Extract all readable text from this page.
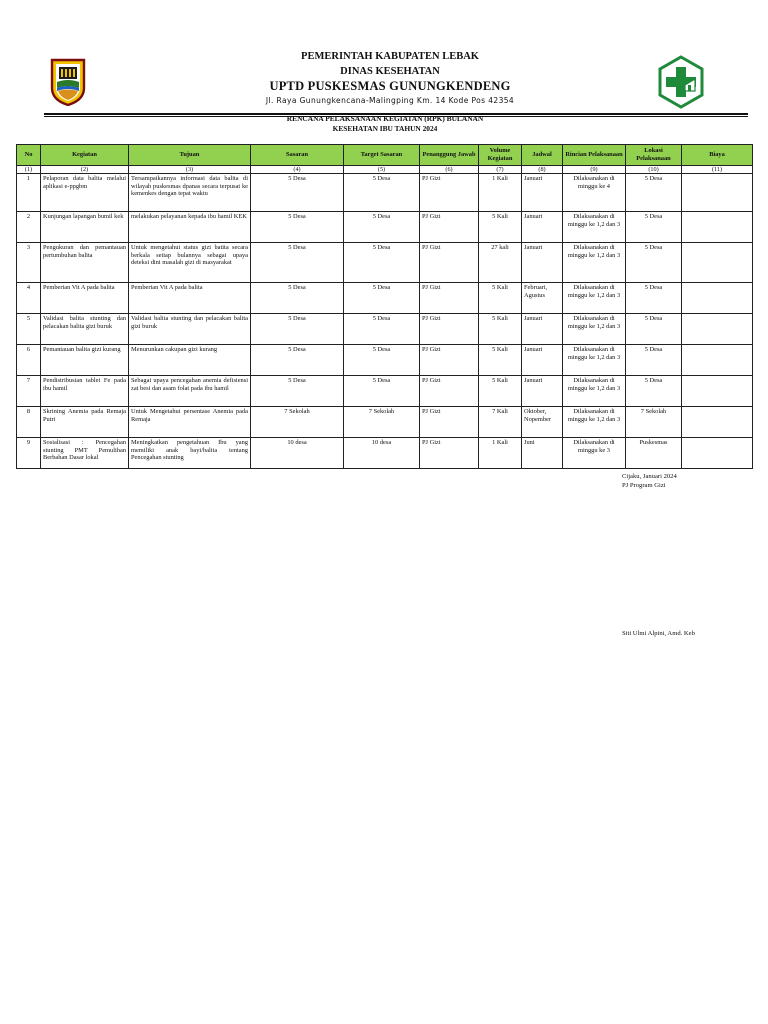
PEMERINTAH KABUPATEN LEBAK
DINAS KESEHATAN
UPTD PUSKESMAS GUNUNGKENDENG
Jl. Raya Gunungkencana-Malingping Km. 14 Kode Pos 42354
RENCANA PELAKSANAAN KEGIATAN (RPK) BULANAN
KESEHATAN IBU TAHUN 2024
No	Kegiatan	Tujuan	Sasaran	Target Sasaran	Penanggung Jawab	Volume Kegiatan	Jadwal	Rincian Pelaksanaan	Lokasi Pelaksanaan	Biaya
(1)	(2)	(3)	(4)	(5)	(6)	(7)	(8)	(9)	(10)	(11)
1	Pelaporan data balita melalui aplikasi e-ppgbm	Tersampaikannya informasi data balita di wilayah puskesmas dpanas secara terpusat ke kemenkes dengan tepat waktu	5 Desa	5 Desa	PJ Gizi	1 Kali	Januari	Dilaksanakan di minggu ke 4	5 Desa	
2	Kunjungan lapangan bumil kek	melakukan pelayanan kepada ibu hamil KEK	5 Desa	5 Desa	PJ Gizi	5 Kali	Januari	Dilaksanakan di minggu ke 1,2 dan 3	5 Desa	
3	Pengukuran dan pemantauan pertumbuhan balita	Untuk mengetahui status gizi batita secara berkala setiap bulannya sebagai upaya deteksi dini masalah gizi di masyarakat	5 Desa	5 Desa	PJ Gizi	27 kali	Januari	Dilaksanakan di minggu ke 1,2 dan 3	5 Desa	
4	Pemberian Vit A pada balita	Pemberian Vit A pada balita	5 Desa	5 Desa	PJ Gizi	5 Kali	Februari, Agustus	Dilaksanakan di minggu ke 1,2 dan 3	5 Desa	
5	Validasi balita stunting dan pelacakan balita gizi buruk	Validasi balita stunting dan pelacakan balita gizi buruk	5 Desa	5 Desa	PJ Gizi	5 Kali	Januari	Dilaksanakan di minggu ke 1,2 dan 3	5 Desa	
6	Pemantauan balita gizi kurang	Menurunkan cakupan gizi kurang	5 Desa	5 Desa	PJ Gizi	5 Kali	Januari	Dilaksanakan di minggu ke 1,2 dan 3	5 Desa	
7	Pendistribusian tablet Fe pada ibu hamil	Sebagai upaya pencegahan anemia defisiensi zat besi dan asam folat pada ibu hamil	5 Desa	5 Desa	PJ Gizi	5 Kali	Januari	Dilaksanakan di minggu ke 1,2 dan 3	5 Desa	
8	Skrining Anemia pada Remaja Putri	Untuk Mengetahui persentase Anemia pada Remaja	7 Sekolah	7 Sekolah	PJ Gizi	7 Kali	Oktober, Nopember	Dilaksanakan di minggu ke 1,2 dan 3	7 Sekolah	
9	Sosialisasi : Pencegahan stunting PMT Pemulihan Berbahan Dasar lokal	Meningkatkan pengetahuan Ibu yang memiliki anak bayi/balita tentang Pencegahan stunting	10 desa	10 desa	PJ Gizi	1 Kali	Juni	Dilaksanakan di minggu ke 3	Puskesmas	
Cijaku, Januari 2024
PJ Program Gizi
Siti Ulmi Alpini, Amd. Keb
